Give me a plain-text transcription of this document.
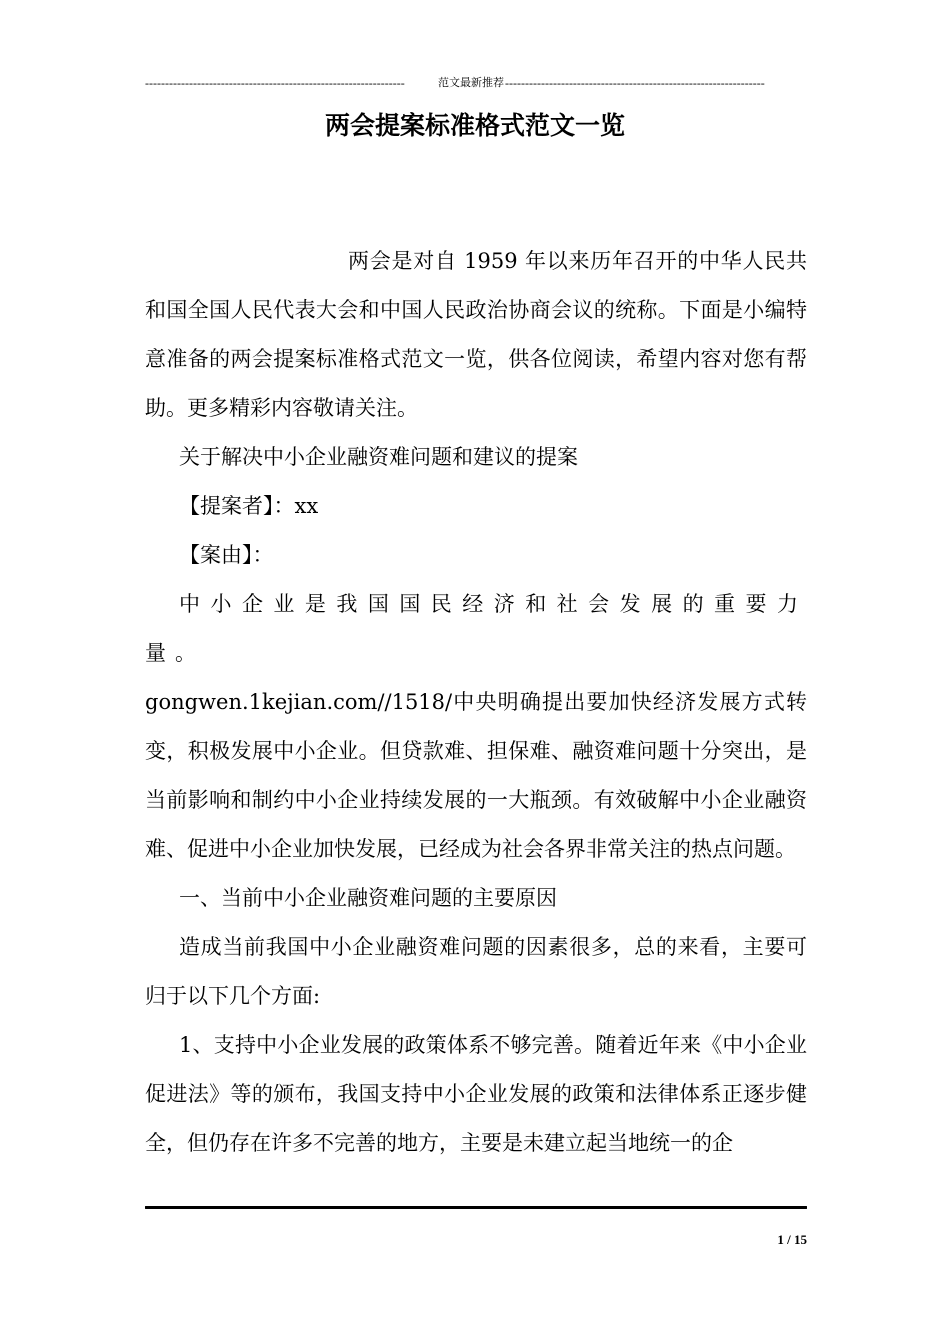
-----------------------------------------------------------------	范文最新推荐 -----------------------------------------------------------------
两会提案标准格式范文一览

两会是对自 1959 年以来历年召开的中华人民共和国全国人民代表大会和中国人民政治协商会议的统称。下面是小编特意准备的两会提案标准格式范文一览，供各位阅读，希望内容对您有帮助。更多精彩内容敬请关注。

关于解决中小企业融资难问题和建议的提案

【提案者】：xx

【案由】：

中小企业是我国国民经济和社会发展的重要力量。

gongwen.1kejian.com//1518/中央明确提出要加快经济发展方式转变，积极发展中小企业。但贷款难、担保难、融资难问题十分突出，是当前影响和制约中小企业持续发展的一大瓶颈。有效破解中小企业融资难、促进中小企业加快发展，已经成为社会各界非常关注的热点问题。

一、当前中小企业融资难问题的主要原因

造成当前我国中小企业融资难问题的因素很多，总的来看，主要可归于以下几个方面:

1、支持中小企业发展的政策体系不够完善。随着近年来《中小企业促进法》等的颁布，我国支持中小企业发展的政策和法律体系正逐步健全，但仍存在许多不完善的地方，主要是未建立起当地统一的企

1 / 15
